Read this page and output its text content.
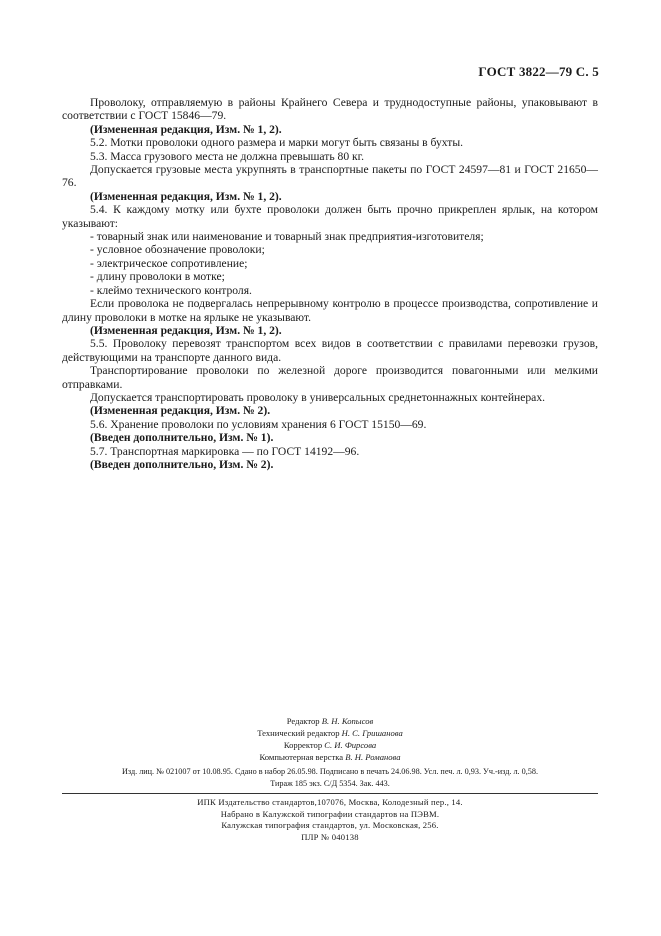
ГОСТ 3822—79 С. 5

Проволоку, отправляемую в районы Крайнего Севера и труднодоступные районы, упаковывают в соответствии с ГОСТ 15846—79.

(Измененная редакция, Изм. № 1, 2).

5.2. Мотки проволоки одного размера и марки могут быть связаны в бухты.

5.3. Масса грузового места не должна превышать 80 кг.

Допускается грузовые места укрупнять в транспортные пакеты по ГОСТ 24597—81 и ГОСТ 21650—76.

(Измененная редакция, Изм. № 1, 2).

5.4. К каждому мотку или бухте проволоки должен быть прочно прикреплен ярлык, на котором указывают:

- товарный знак или наименование и товарный знак предприятия-изготовителя;

- условное обозначение проволоки;

- электрическое сопротивление;

- длину проволоки в мотке;

- клеймо технического контроля.

Если проволока не подвергалась непрерывному контролю в процессе производства, сопротивление и длину проволоки в мотке на ярлыке не указывают.

(Измененная редакция, Изм. № 1, 2).

5.5. Проволоку перевозят транспортом всех видов в соответствии с правилами перевозки грузов, действующими на транспорте данного вида.

Транспортирование проволоки по железной дороге производится повагонными или мелкими отправками.

Допускается транспортировать проволоку в универсальных среднетоннажных контейнерах.

(Измененная редакция, Изм. № 2).

5.6. Хранение проволоки по условиям хранения 6 ГОСТ 15150—69.

(Введен дополнительно, Изм. № 1).

5.7. Транспортная маркировка — по ГОСТ 14192—96.

(Введен дополнительно, Изм. № 2).

Редактор В. Н. Копысов

Технический редактор Н. С. Гришанова

Корректор С. И. Фирсова

Компьютерная верстка В. Н. Романова

Изд. лиц. № 021007 от 10.08.95. Сдано в набор 26.05.98. Подписано в печать 24.06.98. Усл. печ. л. 0,93. Уч.-изд. л. 0,58.

Тираж 185 экз. С/Д 5354. Зак. 443.

ИПК Издательство стандартов,107076, Москва, Колодезный пер., 14.

Набрано в Калужской типографии стандартов на ПЭВМ.

Калужская типография стандартов, ул. Московская, 256.

ПЛР № 040138
